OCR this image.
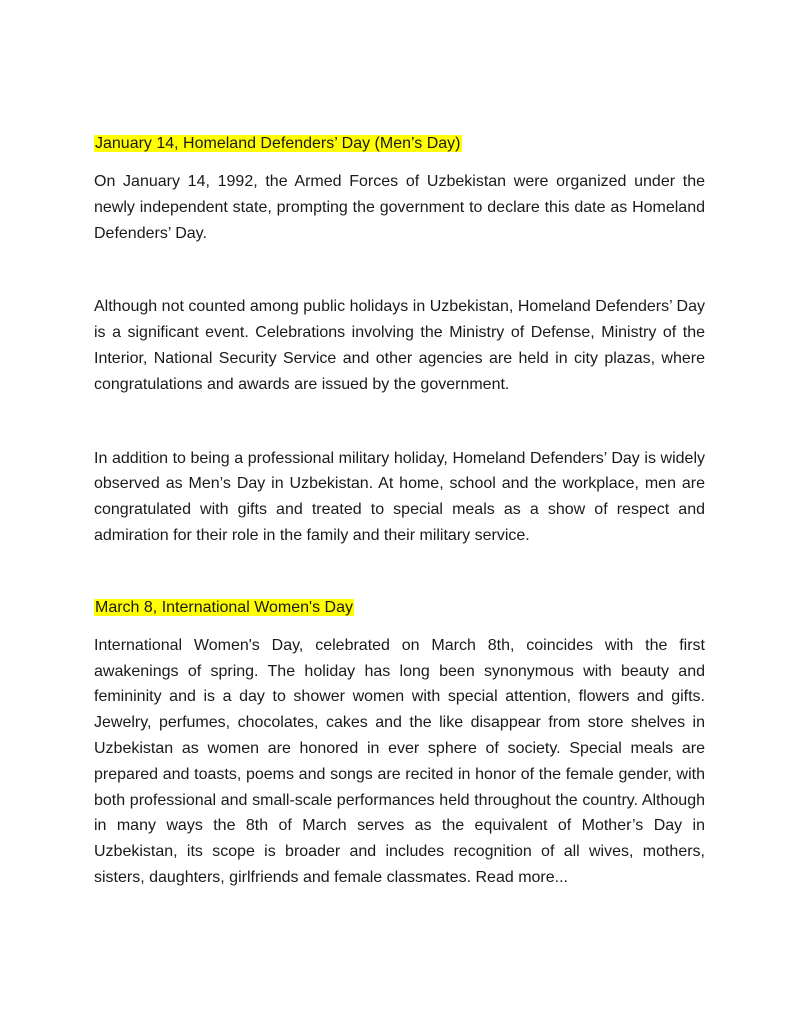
January 14, Homeland Defenders’ Day (Men’s Day)

On January 14, 1992, the Armed Forces of Uzbekistan were organized under the newly independent state, prompting the government to declare this date as Homeland Defenders’ Day.

Although not counted among public holidays in Uzbekistan, Homeland Defenders’ Day is a significant event. Celebrations involving the Ministry of Defense, Ministry of the Interior, National Security Service and other agencies are held in city plazas, where congratulations and awards are issued by the government.

In addition to being a professional military holiday, Homeland Defenders’ Day is widely observed as Men’s Day in Uzbekistan. At home, school and the workplace, men are congratulated with gifts and treated to special meals as a show of respect and admiration for their role in the family and their military service.

March 8, International Women's Day

International Women's Day, celebrated on March 8th, coincides with the first awakenings of spring. The holiday has long been synonymous with beauty and femininity and is a day to shower women with special attention, flowers and gifts. Jewelry, perfumes, chocolates, cakes and the like disappear from store shelves in Uzbekistan as women are honored in ever sphere of society. Special meals are prepared and toasts, poems and songs are recited in honor of the female gender, with both professional and small-scale performances held throughout the country. Although in many ways the 8th of March serves as the equivalent of Mother’s Day in Uzbekistan, its scope is broader and includes recognition of all wives, mothers, sisters, daughters, girlfriends and female classmates. Read more...
